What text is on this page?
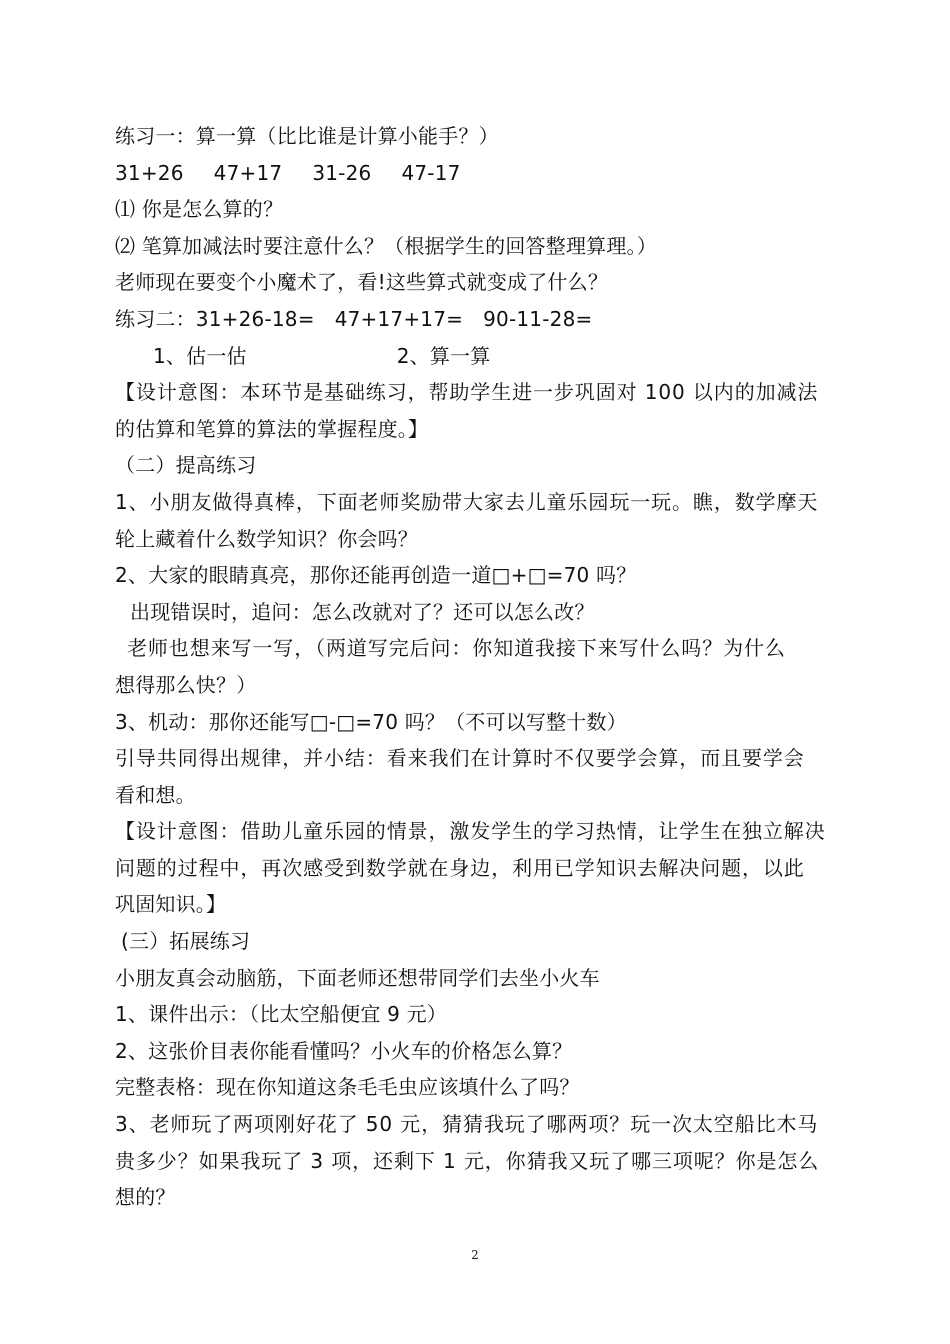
练习一：算一算（比比谁是计算小能手？）
31+26 47+17 31-26 47-17
⑴ 你是怎么算的？
⑵ 笔算加减法时要注意什么？（根据学生的回答整理算理。）
老师现在要变个小魔术了，看!这些算式就变成了什么？
练习二：31+26-18= 47+17+17= 90-11-28=
1、估一估	2、算一算
【设计意图：本环节是基础练习，帮助学生进一步巩固对 100 以内的加减法
的估算和笔算的算法的掌握程度。】
（二）提高练习
1、小朋友做得真棒，下面老师奖励带大家去儿童乐园玩一玩。瞧，数学摩天
轮上藏着什么数学知识？你会吗？
2、大家的眼睛真亮，那你还能再创造一道□+□=70 吗？
出现错误时，追问：怎么改就对了？还可以怎么改？
老师也想来写一写，（两道写完后问：你知道我接下来写什么吗？为什么
想得那么快？）
3、机动：那你还能写□-□=70 吗？（不可以写整十数）
引导共同得出规律，并小结：看来我们在计算时不仅要学会算，而且要学会
看和想。
【设计意图：借助儿童乐园的情景，激发学生的学习热情，让学生在独立解决
问题的过程中，再次感受到数学就在身边，利用已学知识去解决问题，以此
巩固知识。】
(三）拓展练习
小朋友真会动脑筋，下面老师还想带同学们去坐小火车
1、课件出示：（比太空船便宜 9 元）
2、这张价目表你能看懂吗？小火车的价格怎么算？
完整表格：现在你知道这条毛毛虫应该填什么了吗？
3、老师玩了两项刚好花了 50 元，猜猜我玩了哪两项？玩一次太空船比木马
贵多少？如果我玩了 3 项，还剩下 1 元，你猜我又玩了哪三项呢？你是怎么
想的？
2
